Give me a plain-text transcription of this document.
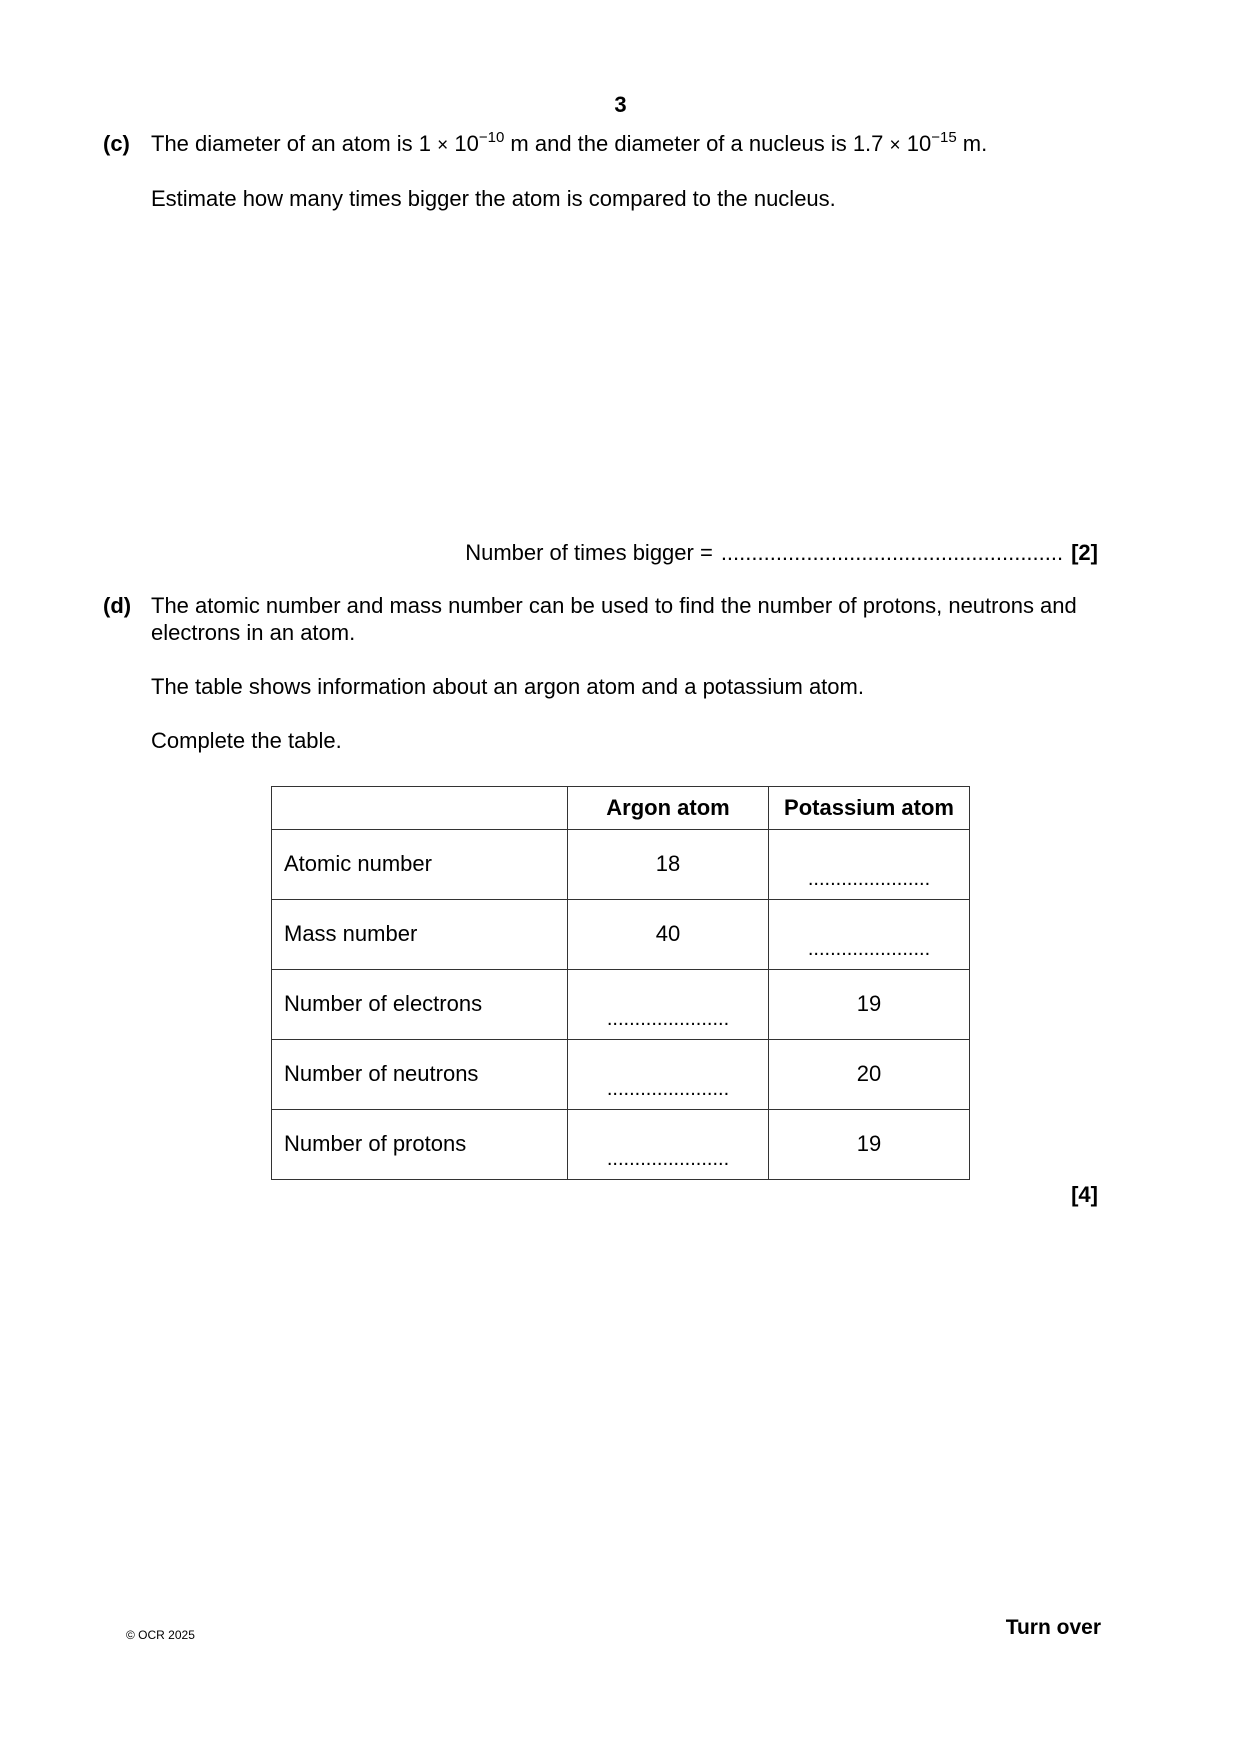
3
(c) The diameter of an atom is $1 \times 10^{-10}$ m and the diameter of a nucleus is $1.7 \times 10^{-15}$ m.
Estimate how many times bigger the atom is compared to the nucleus.
Number of times bigger = ........................................................ [2]
(d) The atomic number and mass number can be used to find the number of protons, neutrons and
electrons in an atom.
The table shows information about an argon atom and a potassium atom.
Complete the table.
	Argon atom	Potassium atom
Atomic number	18	......................

Mass number	40	......................

Number of electrons	......................	19
Number of neutrons	......................	20
Number of protons	......................	19
[4]
© OCR 2025	Turn over
